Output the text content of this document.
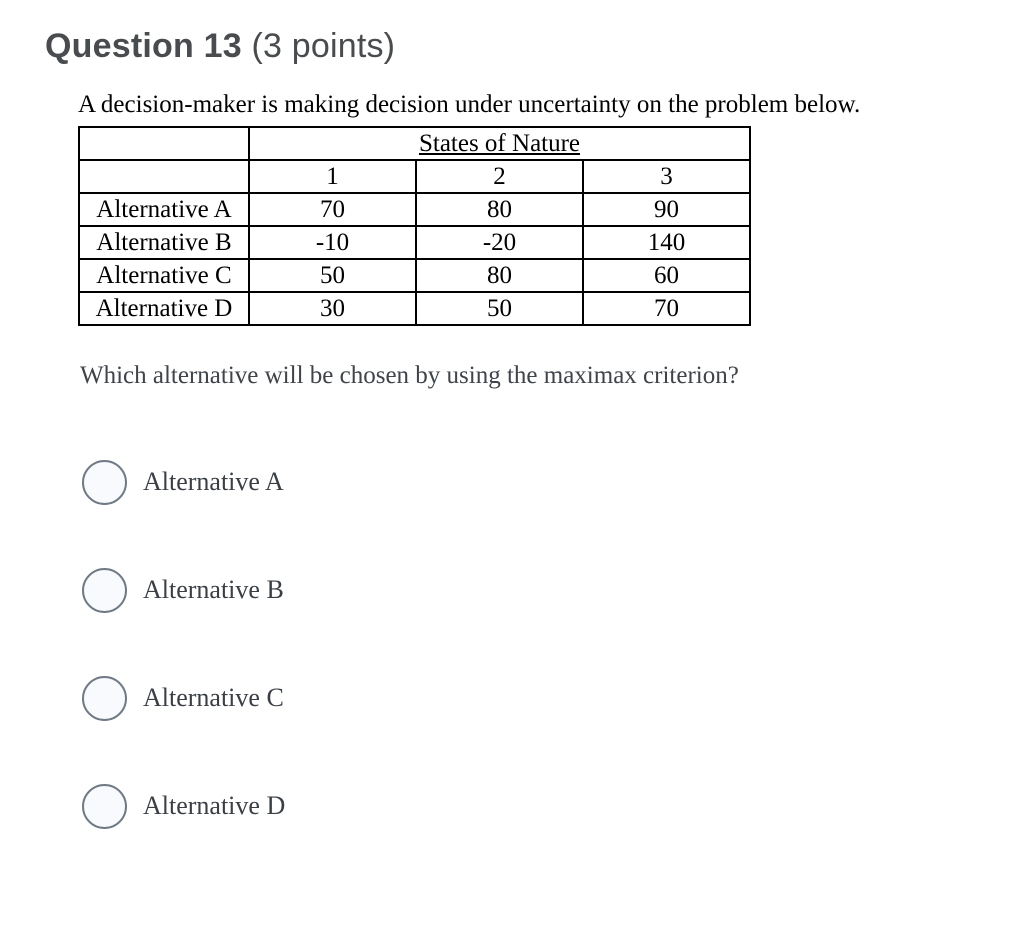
Question 13 (3 points)

A decision-maker is making decision under uncertainty on the problem below.

	States of Nature		
	1	2	3
Alternative A	70	80	90
Alternative B	-10	-20	140
Alternative C	50	80	60
Alternative D	30	50	70

Which alternative will be chosen by using the maximax criterion?

Alternative A
Alternative B
Alternative C
Alternative D
